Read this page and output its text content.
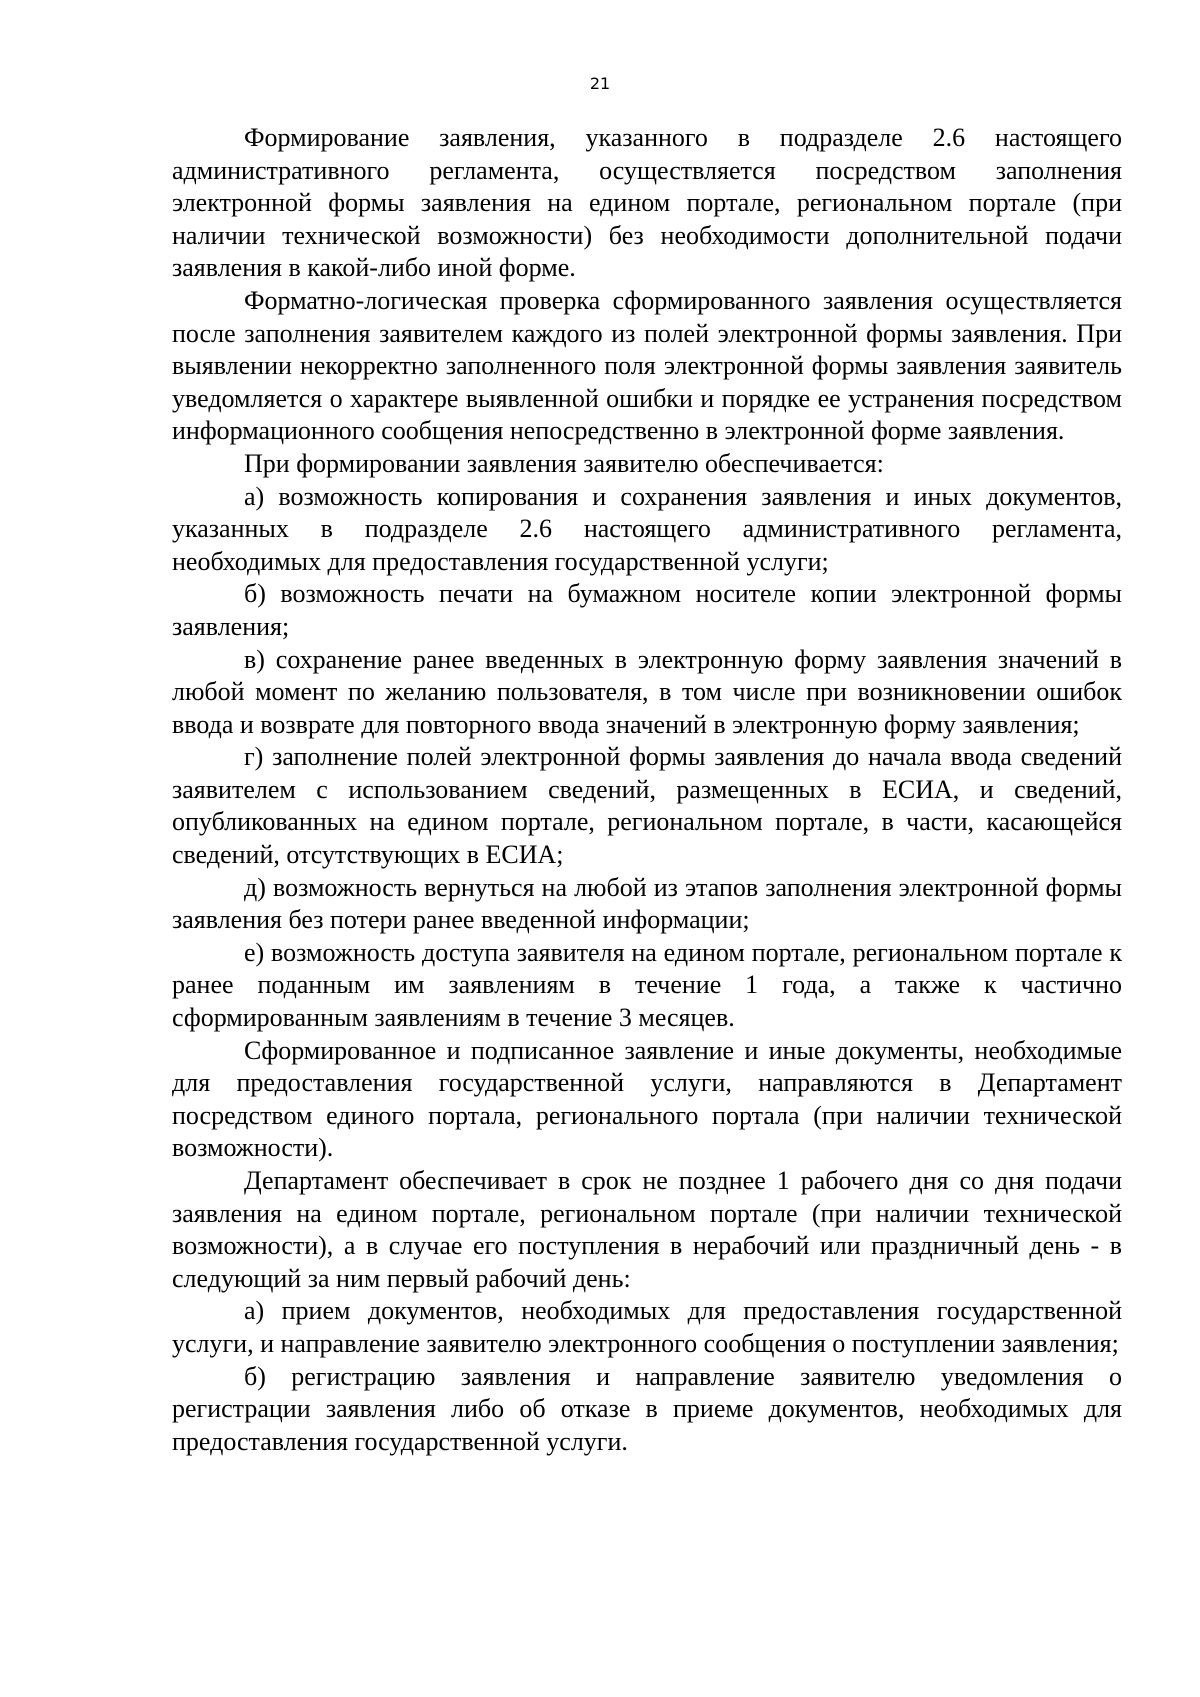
21

Формирование заявления, указанного в подразделе 2.6 настоящего административного регламента, осуществляется посредством заполнения электронной формы заявления на едином портале, региональном портале (при наличии технической возможности) без необходимости дополнительной подачи заявления в какой-либо иной форме.

Форматно-логическая проверка сформированного заявления осуществляется после заполнения заявителем каждого из полей электронной формы заявления. При выявлении некорректно заполненного поля электронной формы заявления заявитель уведомляется о характере выявленной ошибки и порядке ее устранения посредством информационного сообщения непосредственно в электронной форме заявления.

При формировании заявления заявителю обеспечивается:

а) возможность копирования и сохранения заявления и иных документов, указанных в подразделе 2.6 настоящего административного регламента, необходимых для предоставления государственной услуги;

б) возможность печати на бумажном носителе копии электронной формы заявления;

в) сохранение ранее введенных в электронную форму заявления значений в любой момент по желанию пользователя, в том числе при возникновении ошибок ввода и возврате для повторного ввода значений в электронную форму заявления;

г) заполнение полей электронной формы заявления до начала ввода сведений заявителем с использованием сведений, размещенных в ЕСИА, и сведений, опубликованных на едином портале, региональном портале, в части, касающейся сведений, отсутствующих в ЕСИА;

д) возможность вернуться на любой из этапов заполнения электронной формы заявления без потери ранее введенной информации;

е) возможность доступа заявителя на едином портале, региональном портале к ранее поданным им заявлениям в течение 1 года, а также к частично сформированным заявлениям в течение 3 месяцев.

Сформированное и подписанное заявление и иные документы, необходимые для предоставления государственной услуги, направляются в Департамент посредством единого портала, регионального портала (при наличии технической возможности).

Департамент обеспечивает в срок не позднее 1 рабочего дня со дня подачи заявления на едином портале, региональном портале (при наличии технической возможности), а в случае его поступления в нерабочий или праздничный день - в следующий за ним первый рабочий день:

а) прием документов, необходимых для предоставления государственной услуги, и направление заявителю электронного сообщения о поступлении заявления;

б) регистрацию заявления и направление заявителю уведомления о регистрации заявления либо об отказе в приеме документов, необходимых для предоставления государственной услуги.
